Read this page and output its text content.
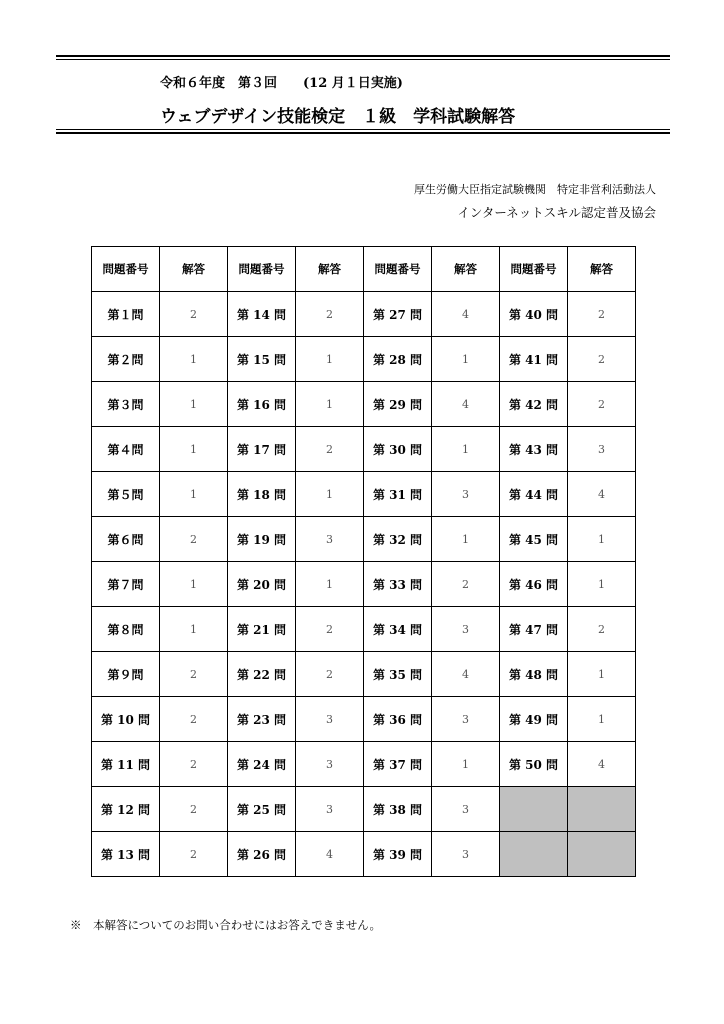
令和６年度　第３回　　(12 月１日実施)
ウェブデザイン技能検定　１級　学科試験解答
厚生労働大臣指定試験機関　特定非営利活動法人
インターネットスキル認定普及協会
問題番号	解答	問題番号	解答	問題番号	解答	問題番号	解答
第１問	2	第 14 問	2	第 27 問	4	第 40 問	2
第２問	1	第 15 問	1	第 28 問	1	第 41 問	2
第３問	1	第 16 問	1	第 29 問	4	第 42 問	2
第４問	1	第 17 問	2	第 30 問	1	第 43 問	3
第５問	1	第 18 問	1	第 31 問	3	第 44 問	4
第６問	2	第 19 問	3	第 32 問	1	第 45 問	1
第７問	1	第 20 問	1	第 33 問	2	第 46 問	1
第８問	1	第 21 問	2	第 34 問	3	第 47 問	2
第９問	2	第 22 問	2	第 35 問	4	第 48 問	1
第 10 問	2	第 23 問	3	第 36 問	3	第 49 問	1
第 11 問	2	第 24 問	3	第 37 問	1	第 50 問	4
第 12 問	2	第 25 問	3	第 38 問	3		
第 13 問	2	第 26 問	4	第 39 問	3		
※　本解答についてのお問い合わせにはお答えできません。
